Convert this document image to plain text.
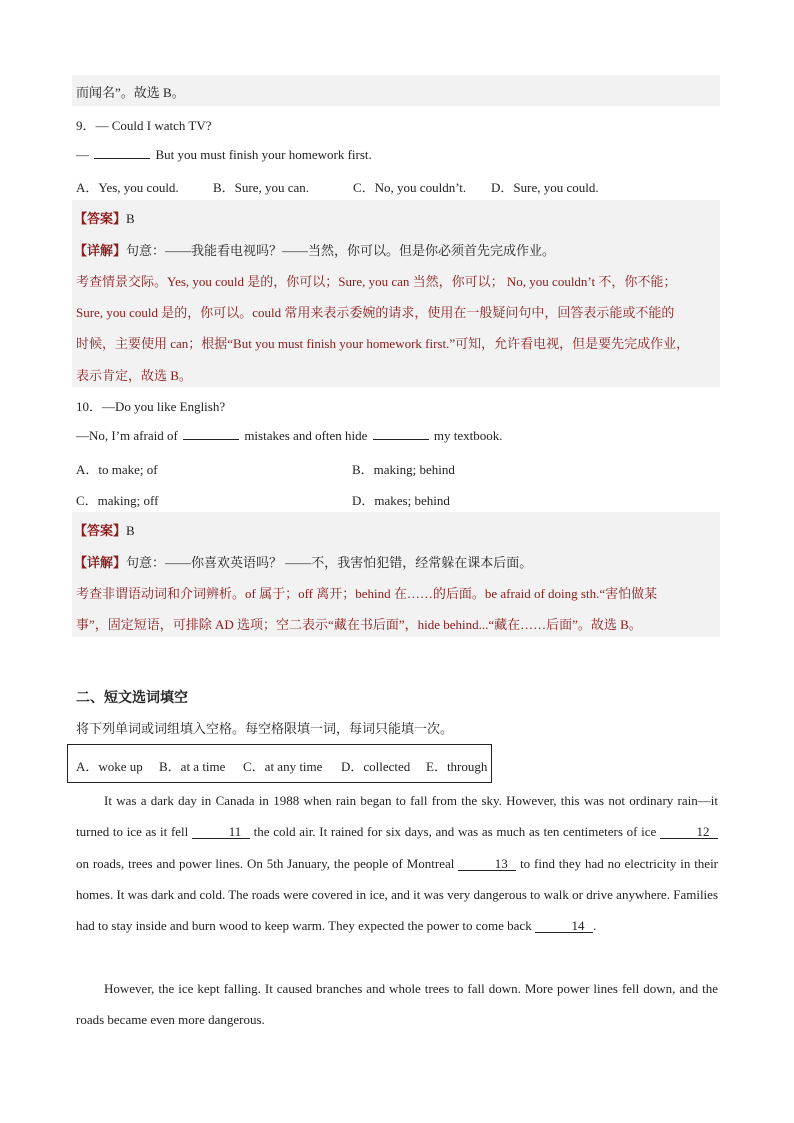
而闻名”。故选 B。
9．— Could I watch TV?
—	But you must finish your homework first.
A．Yes, you could.	B．Sure, you can.	C．No, you couldn’t. D．Sure, you could.
【答案】B
【详解】句意：——我能看电视吗？——当然，你可以。但是你必须首先完成作业。
考查情景交际。Yes, you could 是的，你可以；Sure, you can 当然，你可以； No, you couldn’t 不，你不能；
Sure, you could 是的，你可以。could 常用来表示委婉的请求，使用在一般疑问句中，回答表示能或不能的
时候，主要使用 can；根据“But you must finish your homework first.”可知，允许看电视，但是要先完成作业，
表示肯定，故选 B。
10．—Do you like English?
—No, I’m afraid of	mistakes and often hide	my textbook.
A．to make; of	B．making; behind
C．making; off	D．makes; behind
【答案】B
【详解】句意：——你喜欢英语吗？ ——不，我害怕犯错，经常躲在课本后面。
考查非谓语动词和介词辨析。of 属于；off 离开；behind 在……的后面。be afraid of doing sth.“害怕做某
事”，固定短语，可排除 AD 选项；空二表示“藏在书后面”，hide behind...“藏在……后面”。故选 B。
二、短文选词填空
将下列单词或词组填入空格。每空格限填一词，每词只能填一次。
A．woke up B．at a time C．at any time D．collected E．through
It was a dark day in Canada in 1988 when rain began to fall from the sky. However, this was not ordinary rain—it turned to ice as it fell	11 the cold air. It rained for six days, and was as much as ten centimeters of ice	12 on roads, trees and power lines. On 5th January, the people of Montreal	13 to find they had no electricity in their homes. It was dark and cold. The roads were covered in ice, and it was very dangerous to walk or drive anywhere. Families had to stay inside and burn wood to keep warm. They expected the power to come back	14 .
However, the ice kept falling. It caused branches and whole trees to fall down. More power lines fell down, and the roads became even more dangerous.
